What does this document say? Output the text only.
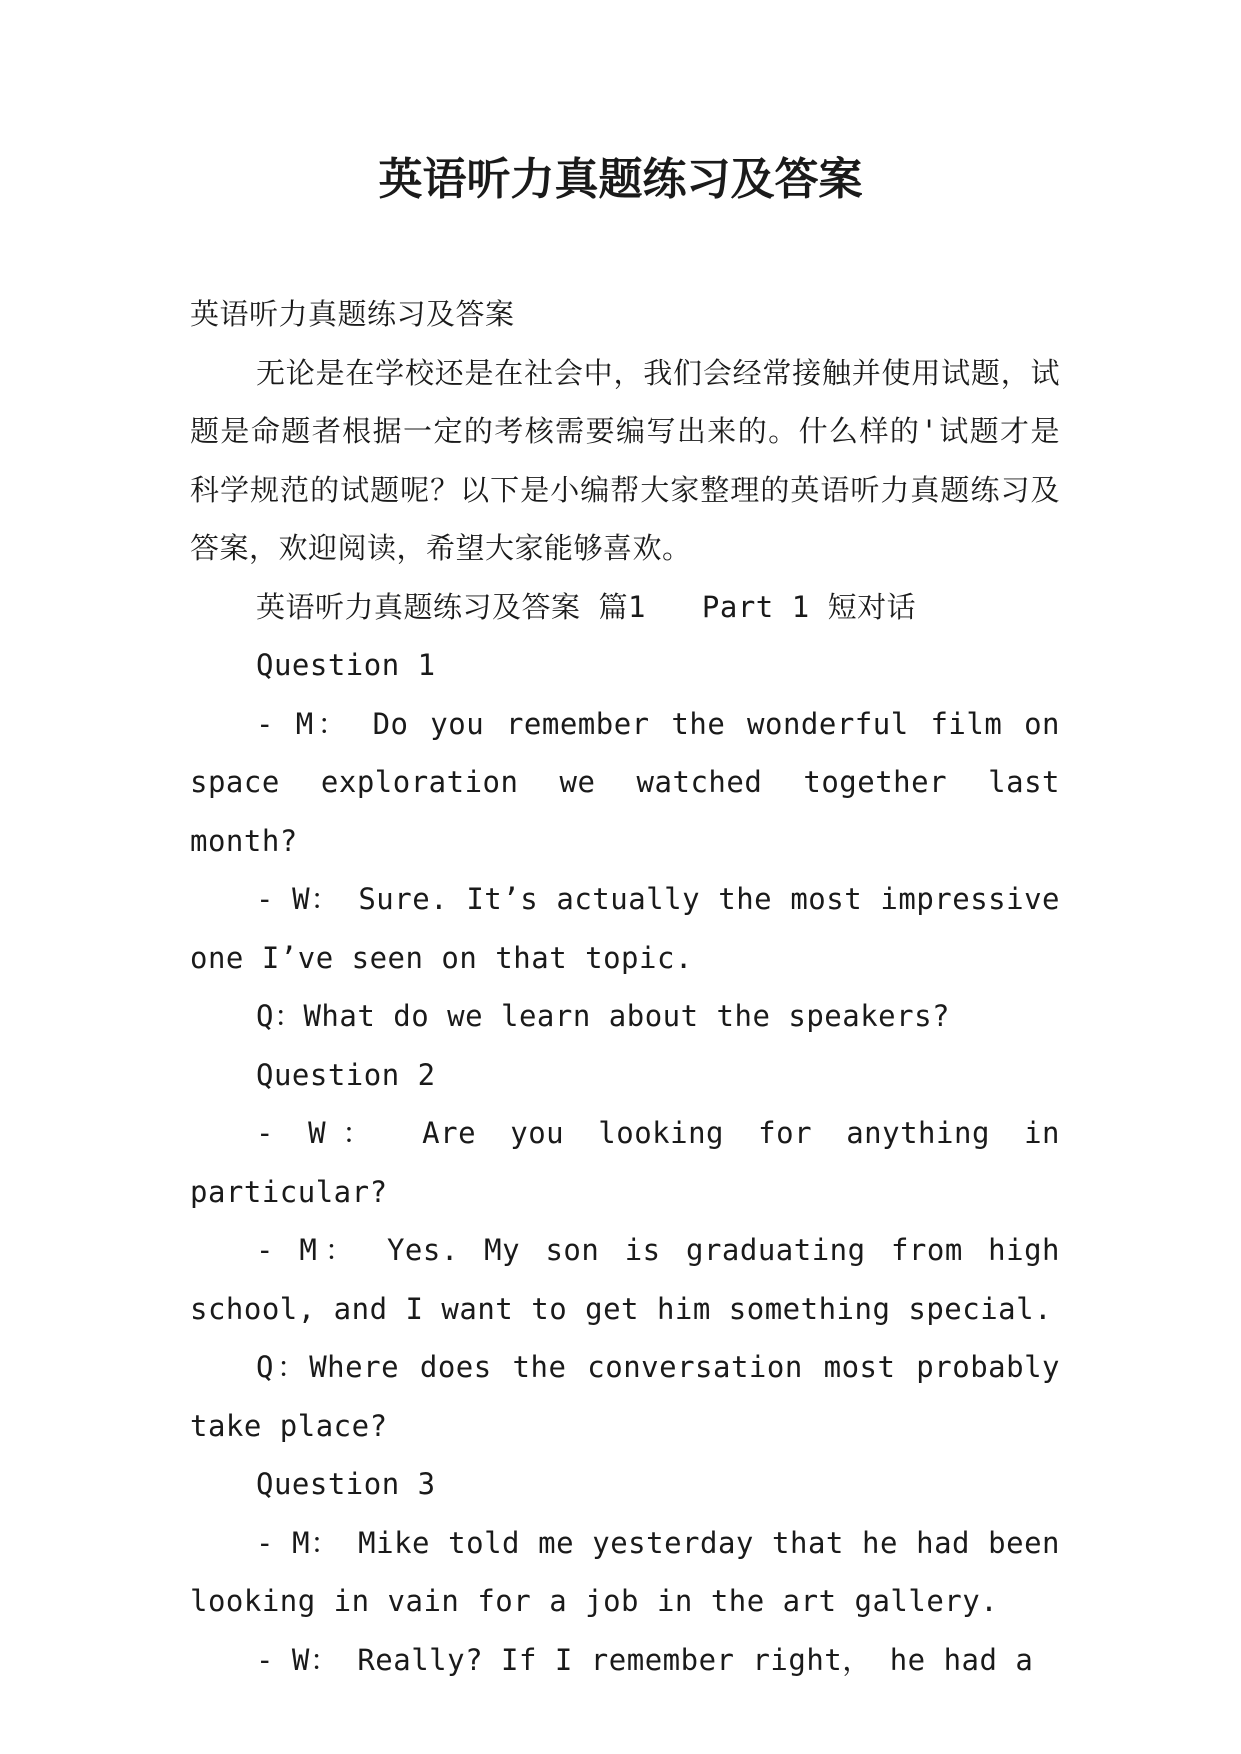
英语听力真题练习及答案

英语听力真题练习及答案

无论是在学校还是在社会中，我们会经常接触并使用试题，试题是命题者根据一定的考核需要编写出来的。什么样的'试题才是科学规范的试题呢？以下是小编帮大家整理的英语听力真题练习及答案，欢迎阅读，希望大家能够喜欢。

英语听力真题练习及答案 篇1 Part 1 短对话

Question 1

- M： Do you remember the wonderful film on space exploration we watched together last month?

- W： Sure. It’s actually the most impressive one I’ve seen on that topic.

Q：What do we learn about the speakers?

Question 2

- W： Are you looking for anything in particular?

- M： Yes. My son is graduating from high school, and I want to get him something special.

Q：Where does the conversation most probably take place?

Question 3

- M： Mike told me yesterday that he had been looking in vain for a job in the art gallery.

- W： Really? If I remember right， he had a
